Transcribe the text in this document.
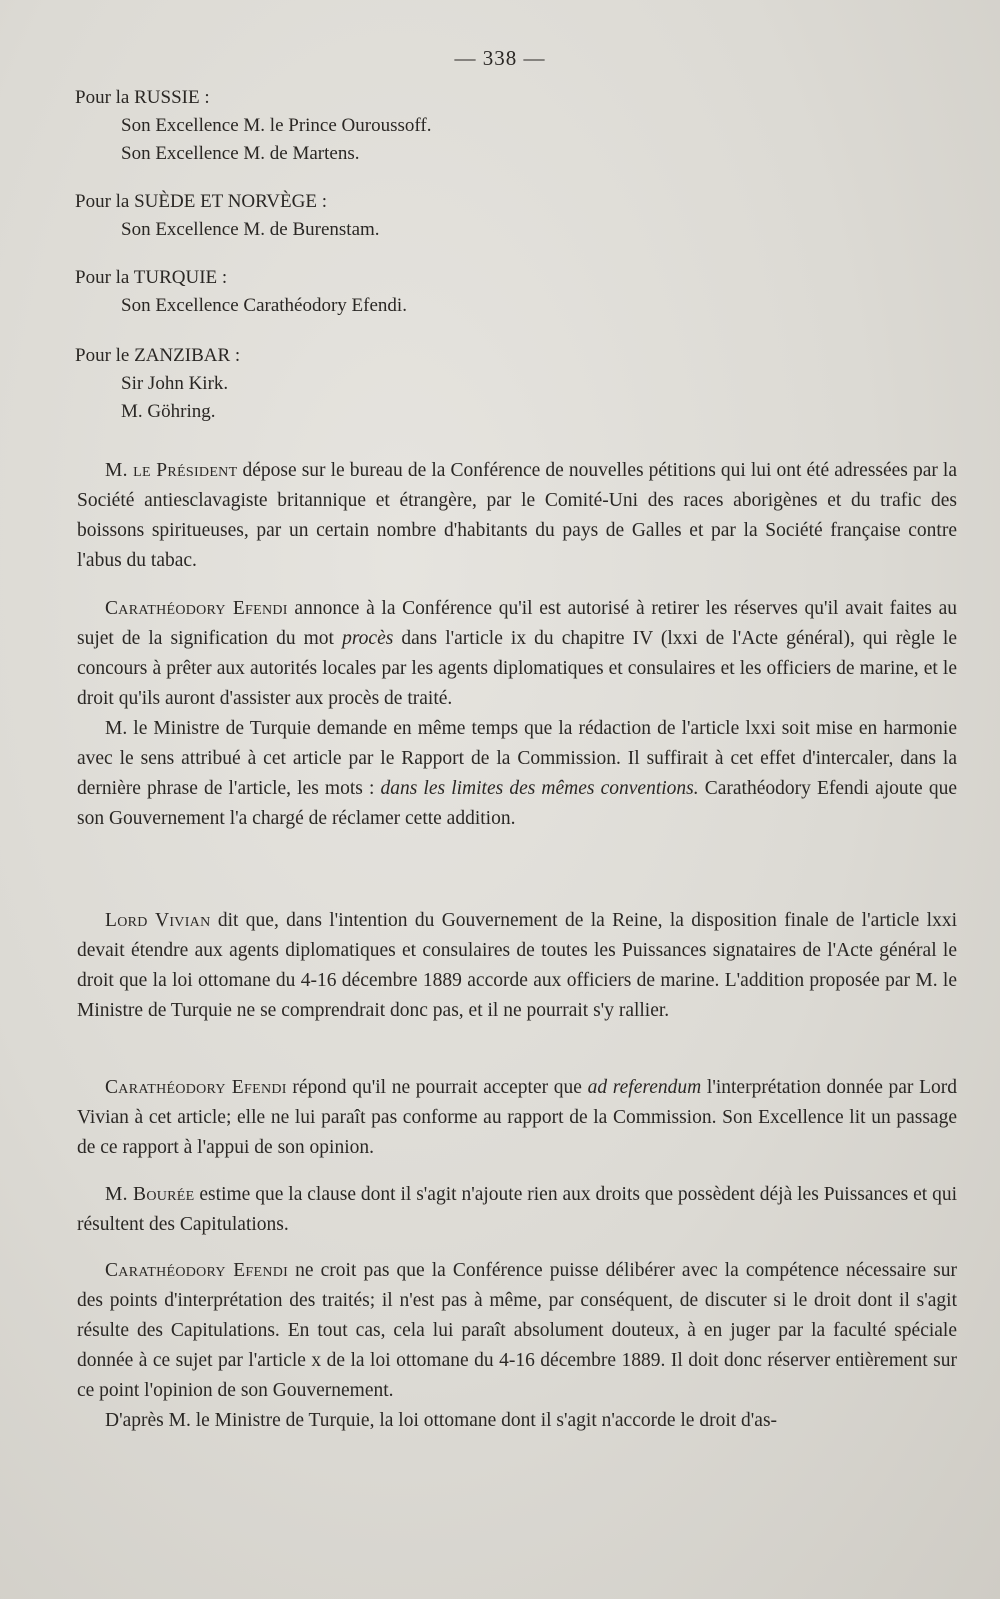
— 338 —
Pour la RUSSIE :
Son Excellence M. le Prince Ouroussoff.
Son Excellence M. de Martens.
Pour la SUÈDE ET NORVÈGE :
Son Excellence M. de Burenstam.
Pour la TURQUIE :
Son Excellence Carathéodory Efendi.
Pour le ZANZIBAR :
Sir John Kirk.
M. Göhring.

M. le Président dépose sur le bureau de la Conférence de nouvelles pétitions qui lui ont été adressées par la Société antiesclavagiste britannique et étrangère, par le Comité-Uni des races aborigènes et du trafic des boissons spiritueuses, par un certain nombre d'habitants du pays de Galles et par la Société française contre l'abus du tabac.

Carathéodory Efendi annonce à la Conférence qu'il est autorisé à retirer les réserves qu'il avait faites au sujet de la signification du mot procès dans l'article ix du chapitre IV (lxxi de l'Acte général), qui règle le concours à prêter aux autorités locales par les agents diplomatiques et consulaires et les officiers de marine, et le droit qu'ils auront d'assister aux procès de traité.

M. le Ministre de Turquie demande en même temps que la rédaction de l'article lxxi soit mise en harmonie avec le sens attribué à cet article par le Rapport de la Commission. Il suffirait à cet effet d'intercaler, dans la dernière phrase de l'article, les mots : dans les limites des mêmes conventions. Carathéodory Efendi ajoute que son Gouvernement l'a chargé de réclamer cette addition.

Lord Vivian dit que, dans l'intention du Gouvernement de la Reine, la disposition finale de l'article lxxi devait étendre aux agents diplomatiques et consulaires de toutes les Puissances signataires de l'Acte général le droit que la loi ottomane du 4-16 décembre 1889 accorde aux officiers de marine. L'addition proposée par M. le Ministre de Turquie ne se comprendrait donc pas, et il ne pourrait s'y rallier.

Carathéodory Efendi répond qu'il ne pourrait accepter que ad referendum l'interprétation donnée par Lord Vivian à cet article; elle ne lui paraît pas conforme au rapport de la Commission. Son Excellence lit un passage de ce rapport à l'appui de son opinion.

M. Bourée estime que la clause dont il s'agit n'ajoute rien aux droits que possèdent déjà les Puissances et qui résultent des Capitulations.

Carathéodory Efendi ne croit pas que la Conférence puisse délibérer avec la compétence nécessaire sur des points d'interprétation des traités; il n'est pas à même, par conséquent, de discuter si le droit dont il s'agit résulte des Capitulations. En tout cas, cela lui paraît absolument douteux, à en juger par la faculté spéciale donnée à ce sujet par l'article x de la loi ottomane du 4-16 décembre 1889. Il doit donc réserver entièrement sur ce point l'opinion de son Gouvernement.

D'après M. le Ministre de Turquie, la loi ottomane dont il s'agit n'accorde le droit d'as-
